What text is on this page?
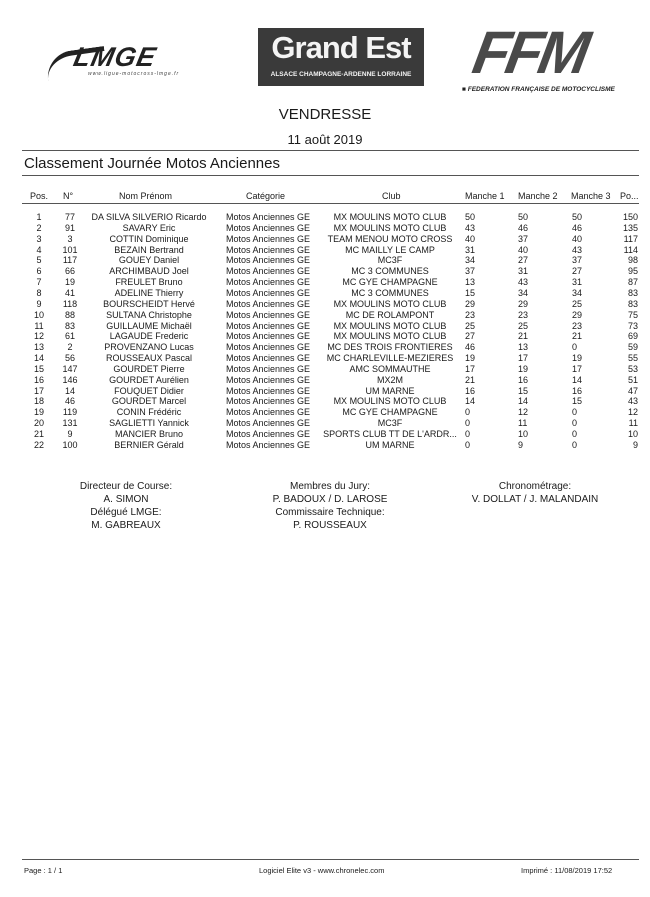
LMGE
www.ligue-motocross-lmge.fr
Grand Est
ALSACE CHAMPAGNE-ARDENNE LORRAINE FFM
■ FEDERATION FRANÇAISE DE MOTOCYCLISME
VENDRESSE
11 août 2019
Classement Journée Motos Anciennes
Pos. N°	Nom Prénom	Catégorie	Club	Manche 1 Manche 2 Manche 3 Po...
1	77	DA SILVA SILVERIO Ricardo	Motos Anciennes GE	MX MOULINS MOTO CLUB	50	50	50	150
2	91	SAVARY Eric	Motos Anciennes GE	MX MOULINS MOTO CLUB	43	46	46	135
3	3	COTTIN Dominique	Motos Anciennes GE	TEAM MENOU MOTO CROSS	40	37	40	117
4	101	BEZAIN Bertrand	Motos Anciennes GE	MC MAILLY LE CAMP	31	40	43	114
5	117	GOUEY Daniel	Motos Anciennes GE	MC3F	34	27	37	98
6	66	ARCHIMBAUD Joel	Motos Anciennes GE	MC 3 COMMUNES	37	31	27	95
7	19	FREULET Bruno	Motos Anciennes GE	MC GYE CHAMPAGNE	13	43	31	87
8	41	ADELINE Thierry	Motos Anciennes GE	MC 3 COMMUNES	15	34	34	83
9	118	BOURSCHEIDT Hervé	Motos Anciennes GE	MX MOULINS MOTO CLUB	29	29	25	83
10	88	SULTANA Christophe	Motos Anciennes GE	MC DE ROLAMPONT	23	23	29	75
11	83	GUILLAUME Michaël	Motos Anciennes GE	MX MOULINS MOTO CLUB	25	25	23	73
12	61	LAGAUDE Frederic	Motos Anciennes GE	MX MOULINS MOTO CLUB	27	21	21	69
13	2	PROVENZANO Lucas	Motos Anciennes GE	MC DES TROIS FRONTIERES	46	13	0	59
14	56	ROUSSEAUX Pascal	Motos Anciennes GE	MC CHARLEVILLE-MEZIERES	19	17	19	55
15	147	GOURDET Pierre	Motos Anciennes GE	AMC SOMMAUTHE	17	19	17	53
16	146	GOURDET Aurélien	Motos Anciennes GE	MX2M	21	16	14	51
17	14	FOUQUET Didier	Motos Anciennes GE	UM MARNE	16	15	16	47
18	46	GOURDET Marcel	Motos Anciennes GE	MX MOULINS MOTO CLUB	14	14	15	43
19	119	CONIN Frédéric	Motos Anciennes GE	MC GYE CHAMPAGNE	0	12	0	12
20	131	SAGLIETTI Yannick	Motos Anciennes GE	MC3F	0	11	0	11
21	9	MANCIER Bruno	Motos Anciennes GE	SPORTS CLUB TT DE L'ARDR... 0	10	0	10
22	100	BERNIER Gérald	Motos Anciennes GE	UM MARNE	0	9	0	9
Directeur de Course:
A. SIMON
Délégué LMGE:
M. GABREAUX
Membres du Jury:
P. BADOUX / D. LAROSE
Commissaire Technique:
P. ROUSSEAUX
Chronométrage:
V. DOLLAT / J. MALANDAIN
Page : 1 / 1	Logiciel Elite v3 - www.chronelec.com	Imprimé : 11/08/2019 17:52
